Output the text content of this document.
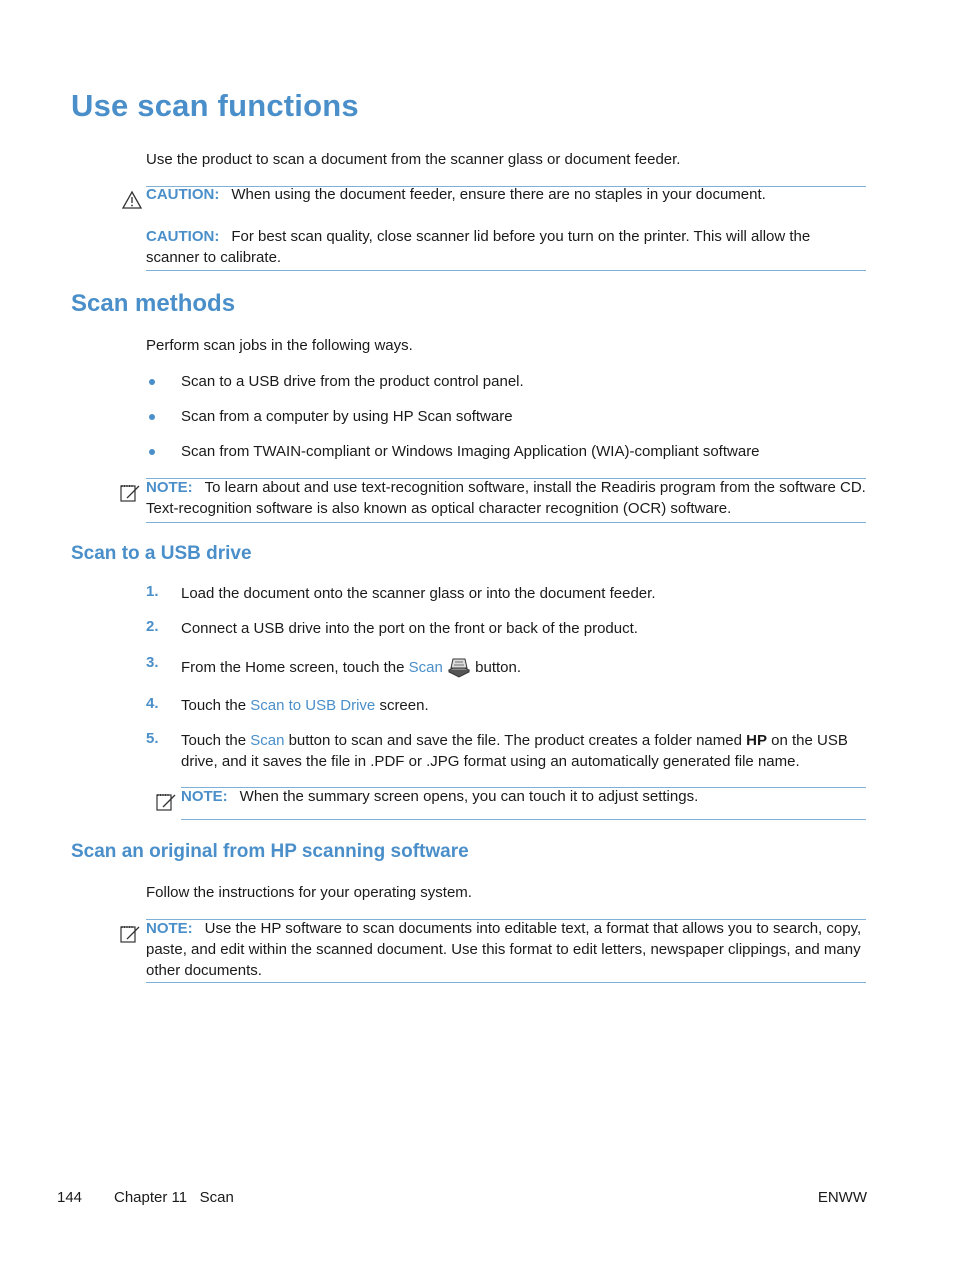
Use scan functions

Use the product to scan a document from the scanner glass or document feeder.

CAUTION: When using the document feeder, ensure there are no staples in your document.

CAUTION: For best scan quality, close scanner lid before you turn on the printer. This will allow the scanner to calibrate.

Scan methods

Perform scan jobs in the following ways.

Scan to a USB drive from the product control panel.

Scan from a computer by using HP Scan software

Scan from TWAIN-compliant or Windows Imaging Application (WIA)-compliant software

NOTE: To learn about and use text-recognition software, install the Readiris program from the software CD. Text-recognition software is also known as optical character recognition (OCR) software.

Scan to a USB drive
1. Load the document onto the scanner glass or into the document feeder.

2. Connect a USB drive into the port on the front or back of the product.

3. From the Home screen, touch the Scan button.

4. Touch the Scan to USB Drive screen.

5. Touch the Scan button to scan and save the file. The product creates a folder named HP on the USB drive, and it saves the file in .PDF or .JPG format using an automatically generated file name.

NOTE: When the summary screen opens, you can touch it to adjust settings.

Scan an original from HP scanning software

Follow the instructions for your operating system.

NOTE: Use the HP software to scan documents into editable text, a format that allows you to search, copy, paste, and edit within the scanned document. Use this format to edit letters, newspaper clippings, and many other documents.

144 Chapter 11   Scan	ENWW
